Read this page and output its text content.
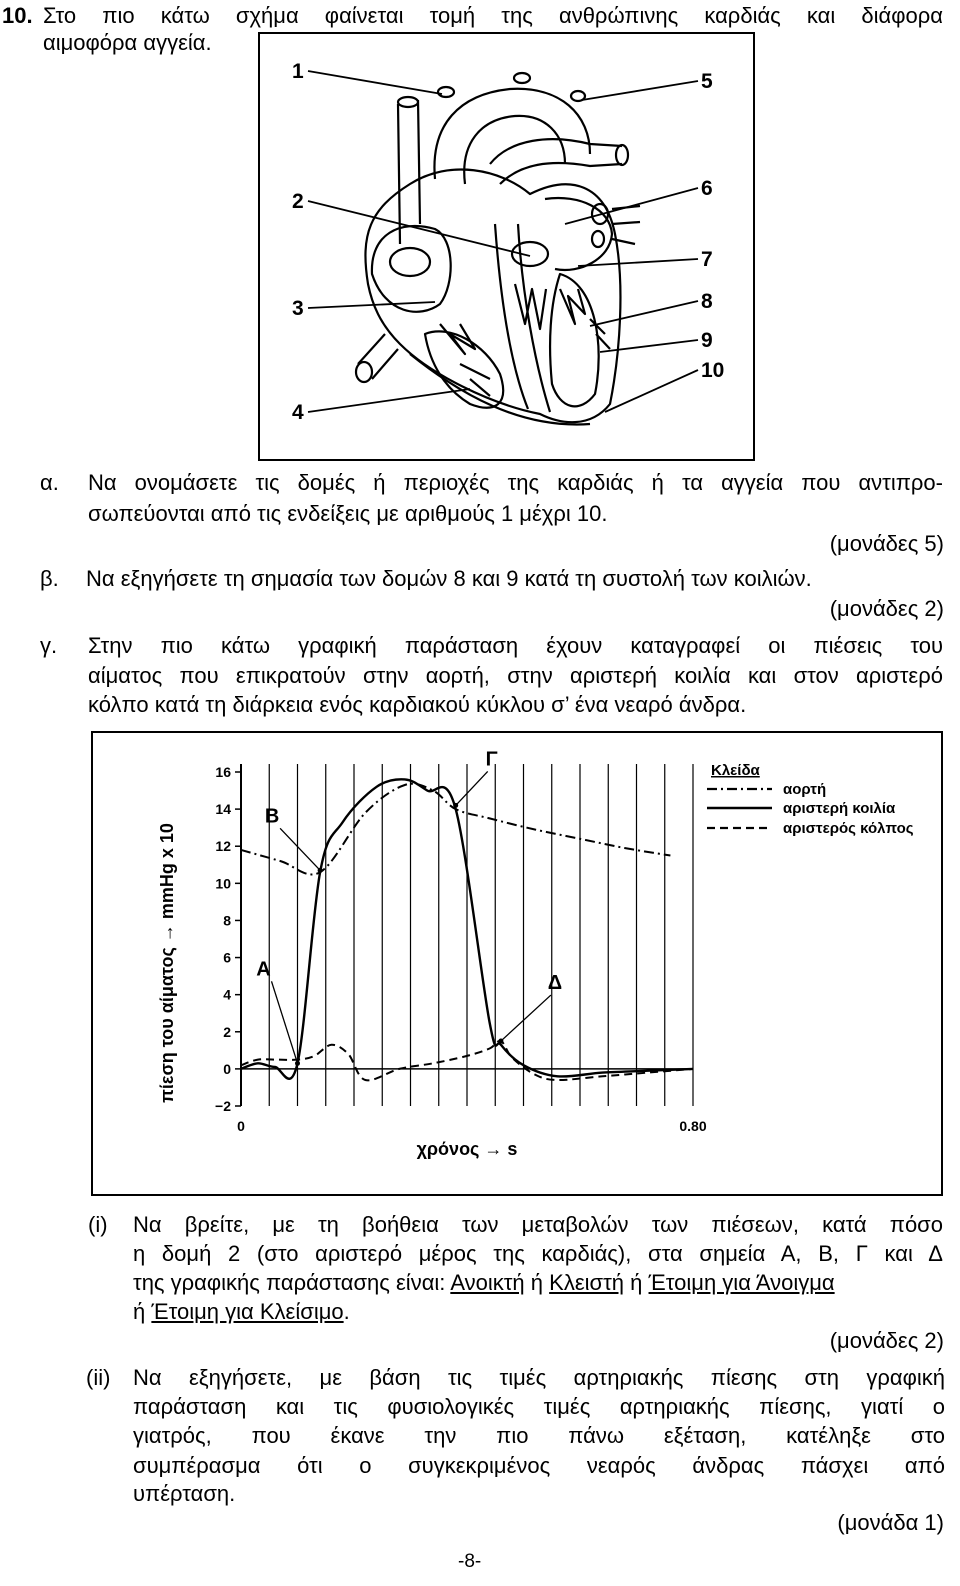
10. Στο πιο κάτω σχήμα φαίνεται τομή της ανθρώπινης καρδιάς και διάφορα
αιμοφόρα αγγεία.
1
2
3
4
5
6
7
8
9
10
α. Να ονομάσετε τις δομές ή περιοχές της καρδιάς ή τα αγγεία που αντιπρο-
σωπεύονται από τις ενδείξεις με αριθμούς 1 μέχρι 10.
(μονάδες 5)
β. Να εξηγήσετε τη σημασία των δομών 8 και 9 κατά τη συστολή των κοιλιών.
(μονάδες 2)
γ. Στην πιο κάτω γραφική παράσταση έχουν καταγραφεί οι πιέσεις του
αίματος που επικρατούν στην αορτή, στην αριστερή κοιλία και στον αριστερό
κόλπο κατά τη διάρκεια ενός καρδιακού κύκλου σ’ ένα νεαρό άνδρα.
−2
0
2
4
6
8
10
12
14
16
0	0.80
Α
Β
Γ
Δ
πίεση του αίματος → mmHg x 10
χρόνος → s
Κλείδα
αορτή
αριστερή κοιλία
αριστερός κόλπος
(i) Να βρείτε, με τη βοήθεια των μεταβολών των πιέσεων, κατά πόσο
η δομή 2 (στο αριστερό μέρος της καρδιάς), στα σημεία Α, Β, Γ και Δ
της γραφικής παράστασης είναι: Ανοικτή ή Κλειστή ή Έτοιμη για Άνοιγμα
ή Έτοιμη για Κλείσιμο.
(μονάδες 2)
(ii) Να εξηγήσετε, με βάση τις τιμές αρτηριακής πίεσης στη γραφική
παράσταση και τις φυσιολογικές τιμές αρτηριακής πίεσης, γιατί ο
γιατρός, που έκανε την πιο πάνω εξέταση, κατέληξε στο
συμπέρασμα ότι ο συγκεκριμένος νεαρός άνδρας πάσχει από
υπέρταση.
(μονάδα 1)
-8-
